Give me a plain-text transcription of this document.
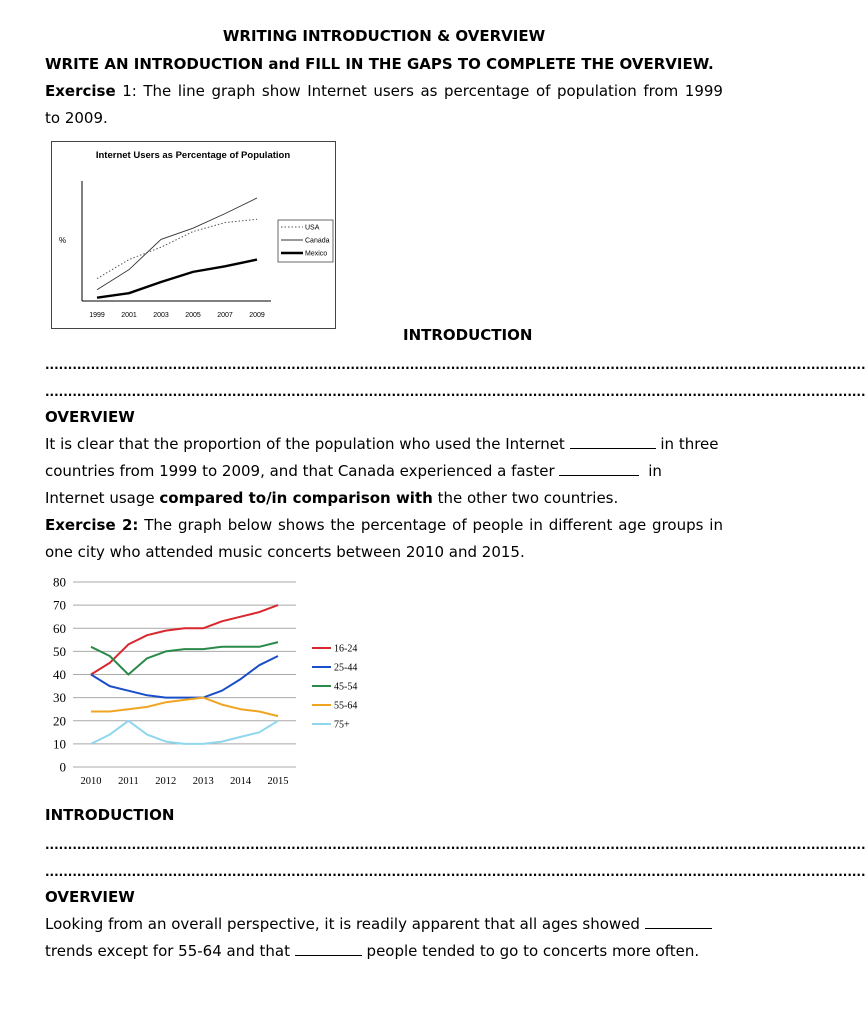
WRITING INTRODUCTION & OVERVIEW
WRITE AN INTRODUCTION and FILL IN THE GAPS TO COMPLETE THE OVERVIEW.
Exercise 1: The line graph show Internet users as percentage of population from 1999
to 2009.
Internet Users as Percentage of Population
%
1999 2001 2003 2005 2007 2009
USA
Canada
Mexico
INTRODUCTION
....................................................................................................................................................................................
....................................................................................................................................................................................
OVERVIEW
It is clear that the proportion of the population who used the Internet	in three
countries from 1999 to 2009, and that Canada experienced a faster	in
Internet usage compared to/in comparison with the other two countries.
Exercise 2: The graph below shows the percentage of people in different age groups in
one city who attended music concerts between 2010 and 2015.
0
10
20
30
40
50
60
70
80
2010 2011 2012 2013 2014 2015
16-24
25-44
45-54
55-64
75+
INTRODUCTION
....................................................................................................................................................................................
....................................................................................................................................................................................
OVERVIEW
Looking from an overall perspective, it is readily apparent that all ages showed
trends except for 55-64 and that	people tended to go to concerts more often.
